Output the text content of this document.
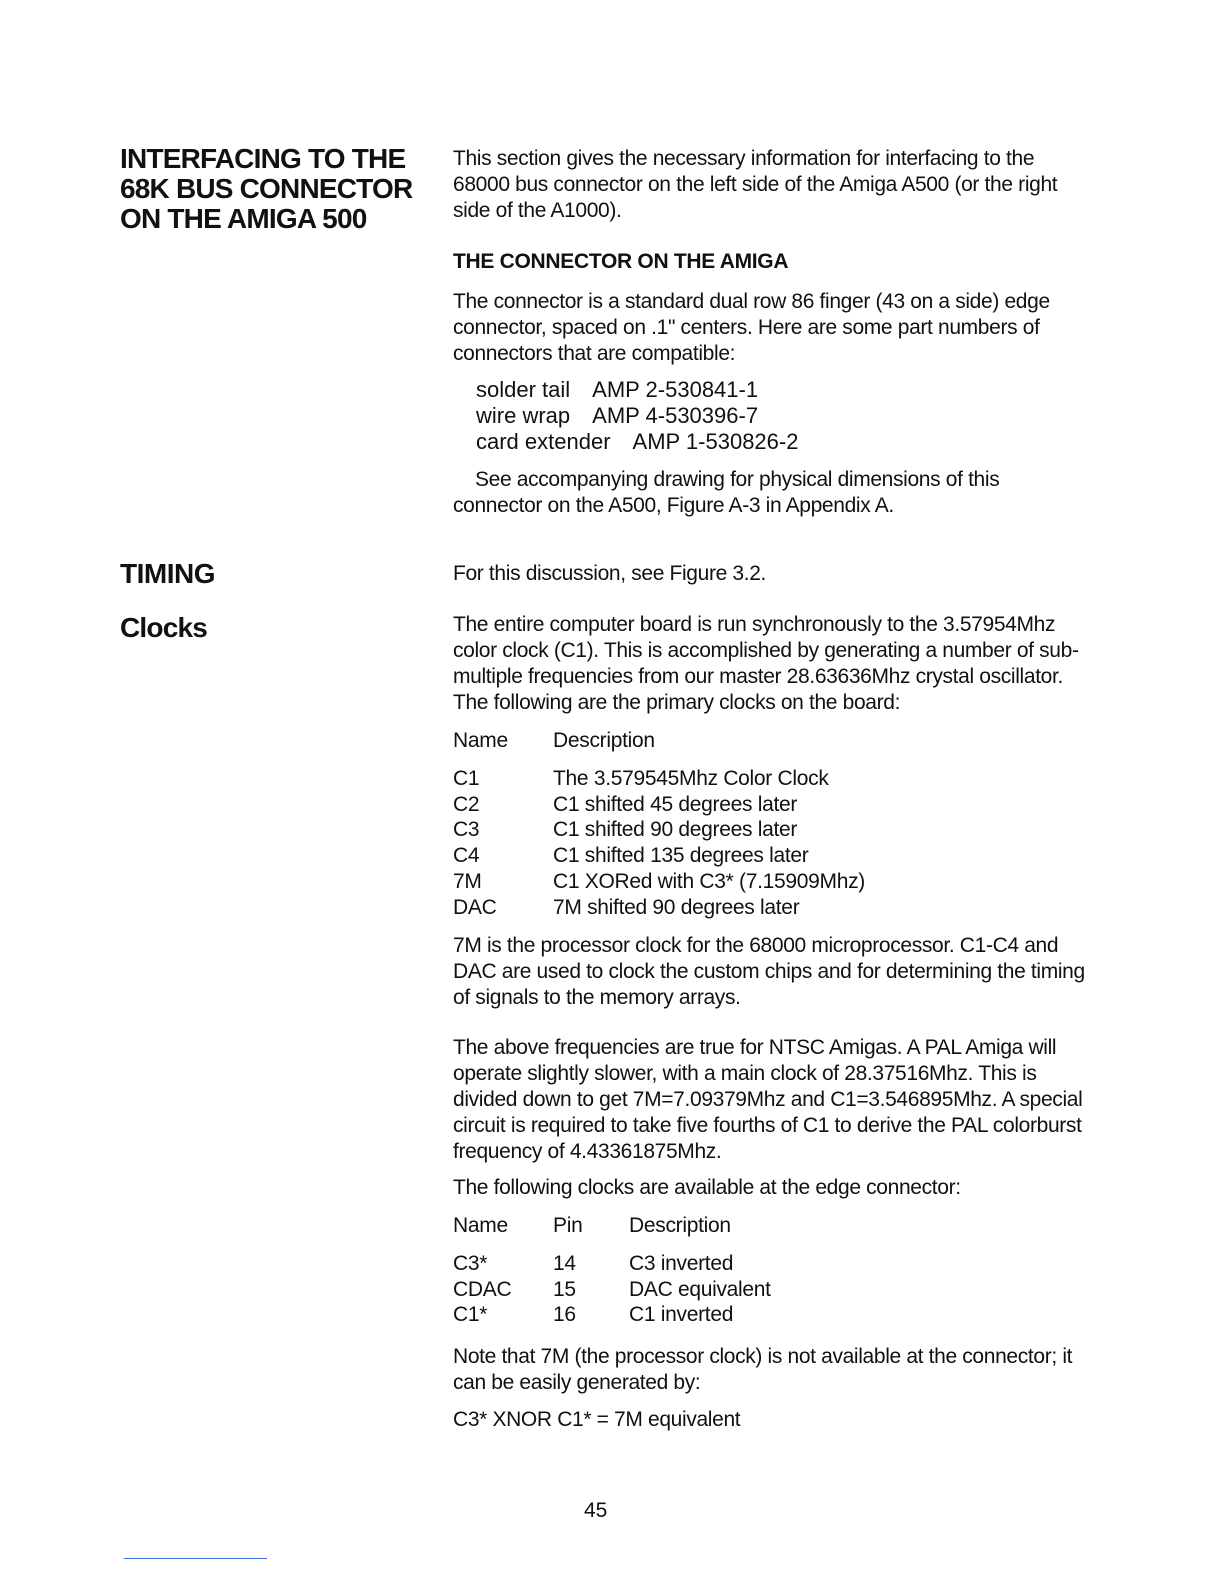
INTERFACING TO THE 68K BUS CONNECTOR ON THE AMIGA 500
TIMING
Clocks

This section gives the necessary information for interfacing to the 68000 bus connector on the left side of the Amiga A500 (or the right side of the A1000).

THE CONNECTOR ON THE AMIGA

The connector is a standard dual row 86 finger (43 on a side) edge connector, spaced on .1" centers. Here are some part numbers of connectors that are compatible:

solder tail AMP 2-530841-1
wire wrap AMP 4-530396-7
card extender AMP 1-530826-2

See accompanying drawing for physical dimensions of this connector on the A500, Figure A-3 in Appendix A.

For this discussion, see Figure 3.2.

The entire computer board is run synchronously to the 3.57954Mhz color clock (C1). This is accomplished by generating a number of sub-multiple frequencies from our master 28.63636Mhz crystal oscillator. The following are the primary clocks on the board:

Name Description
C1	The 3.579545Mhz Color Clock
C2	C1 shifted 45 degrees later
C3	C1 shifted 90 degrees later
C4	C1 shifted 135 degrees later
7M	C1 XORed with C3* (7.15909Mhz)
DAC	7M shifted 90 degrees later

7M is the processor clock for the 68000 microprocessor. C1-C4 and DAC are used to clock the custom chips and for determining the timing of signals to the memory arrays.

The above frequencies are true for NTSC Amigas. A PAL Amiga will operate slightly slower, with a main clock of 28.37516Mhz. This is divided down to get 7M=7.09379Mhz and C1=3.546895Mhz. A special circuit is required to take five fourths of C1 to derive the PAL colorburst frequency of 4.43361875Mhz.

The following clocks are available at the edge connector:

Name Pin Description
C3*	14	C3 inverted
CDAC 15	DAC equivalent
C1*	16	C1 inverted

Note that 7M (the processor clock) is not available at the connector; it can be easily generated by:

C3* XNOR C1* = 7M equivalent

45
